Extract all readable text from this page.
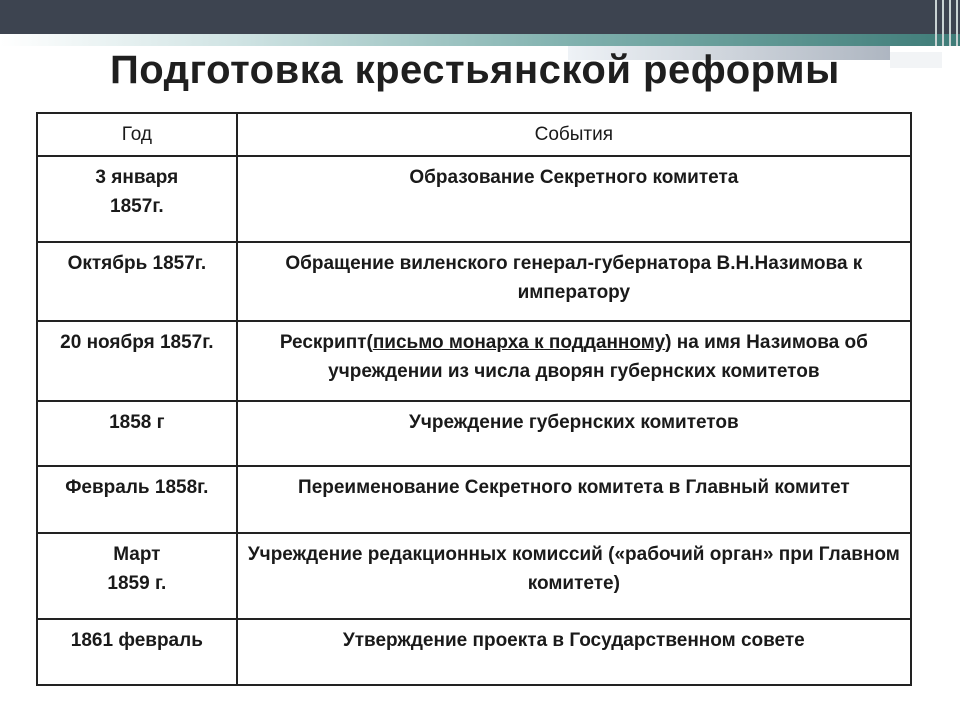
Подготовка крестьянской реформы
Год	События

3 января
1857г.	Образование Секретного комитета
Октябрь 1857г.	Обращение виленского генерал-губернатора В.Н.Назимова к императору
20 ноября 1857г.	Рескрипт(письмо монарха к подданному) на имя Назимова об учреждении из числа дворян губернских комитетов
1858 г	Учреждение губернских комитетов
Февраль 1858г.	Переименование Секретного комитета в Главный комитет

Март
1859 г.	Учреждение редакционных комиссий («рабочий орган» при Главном комитете)
1861 февраль	Утверждение проекта в Государственном совете
